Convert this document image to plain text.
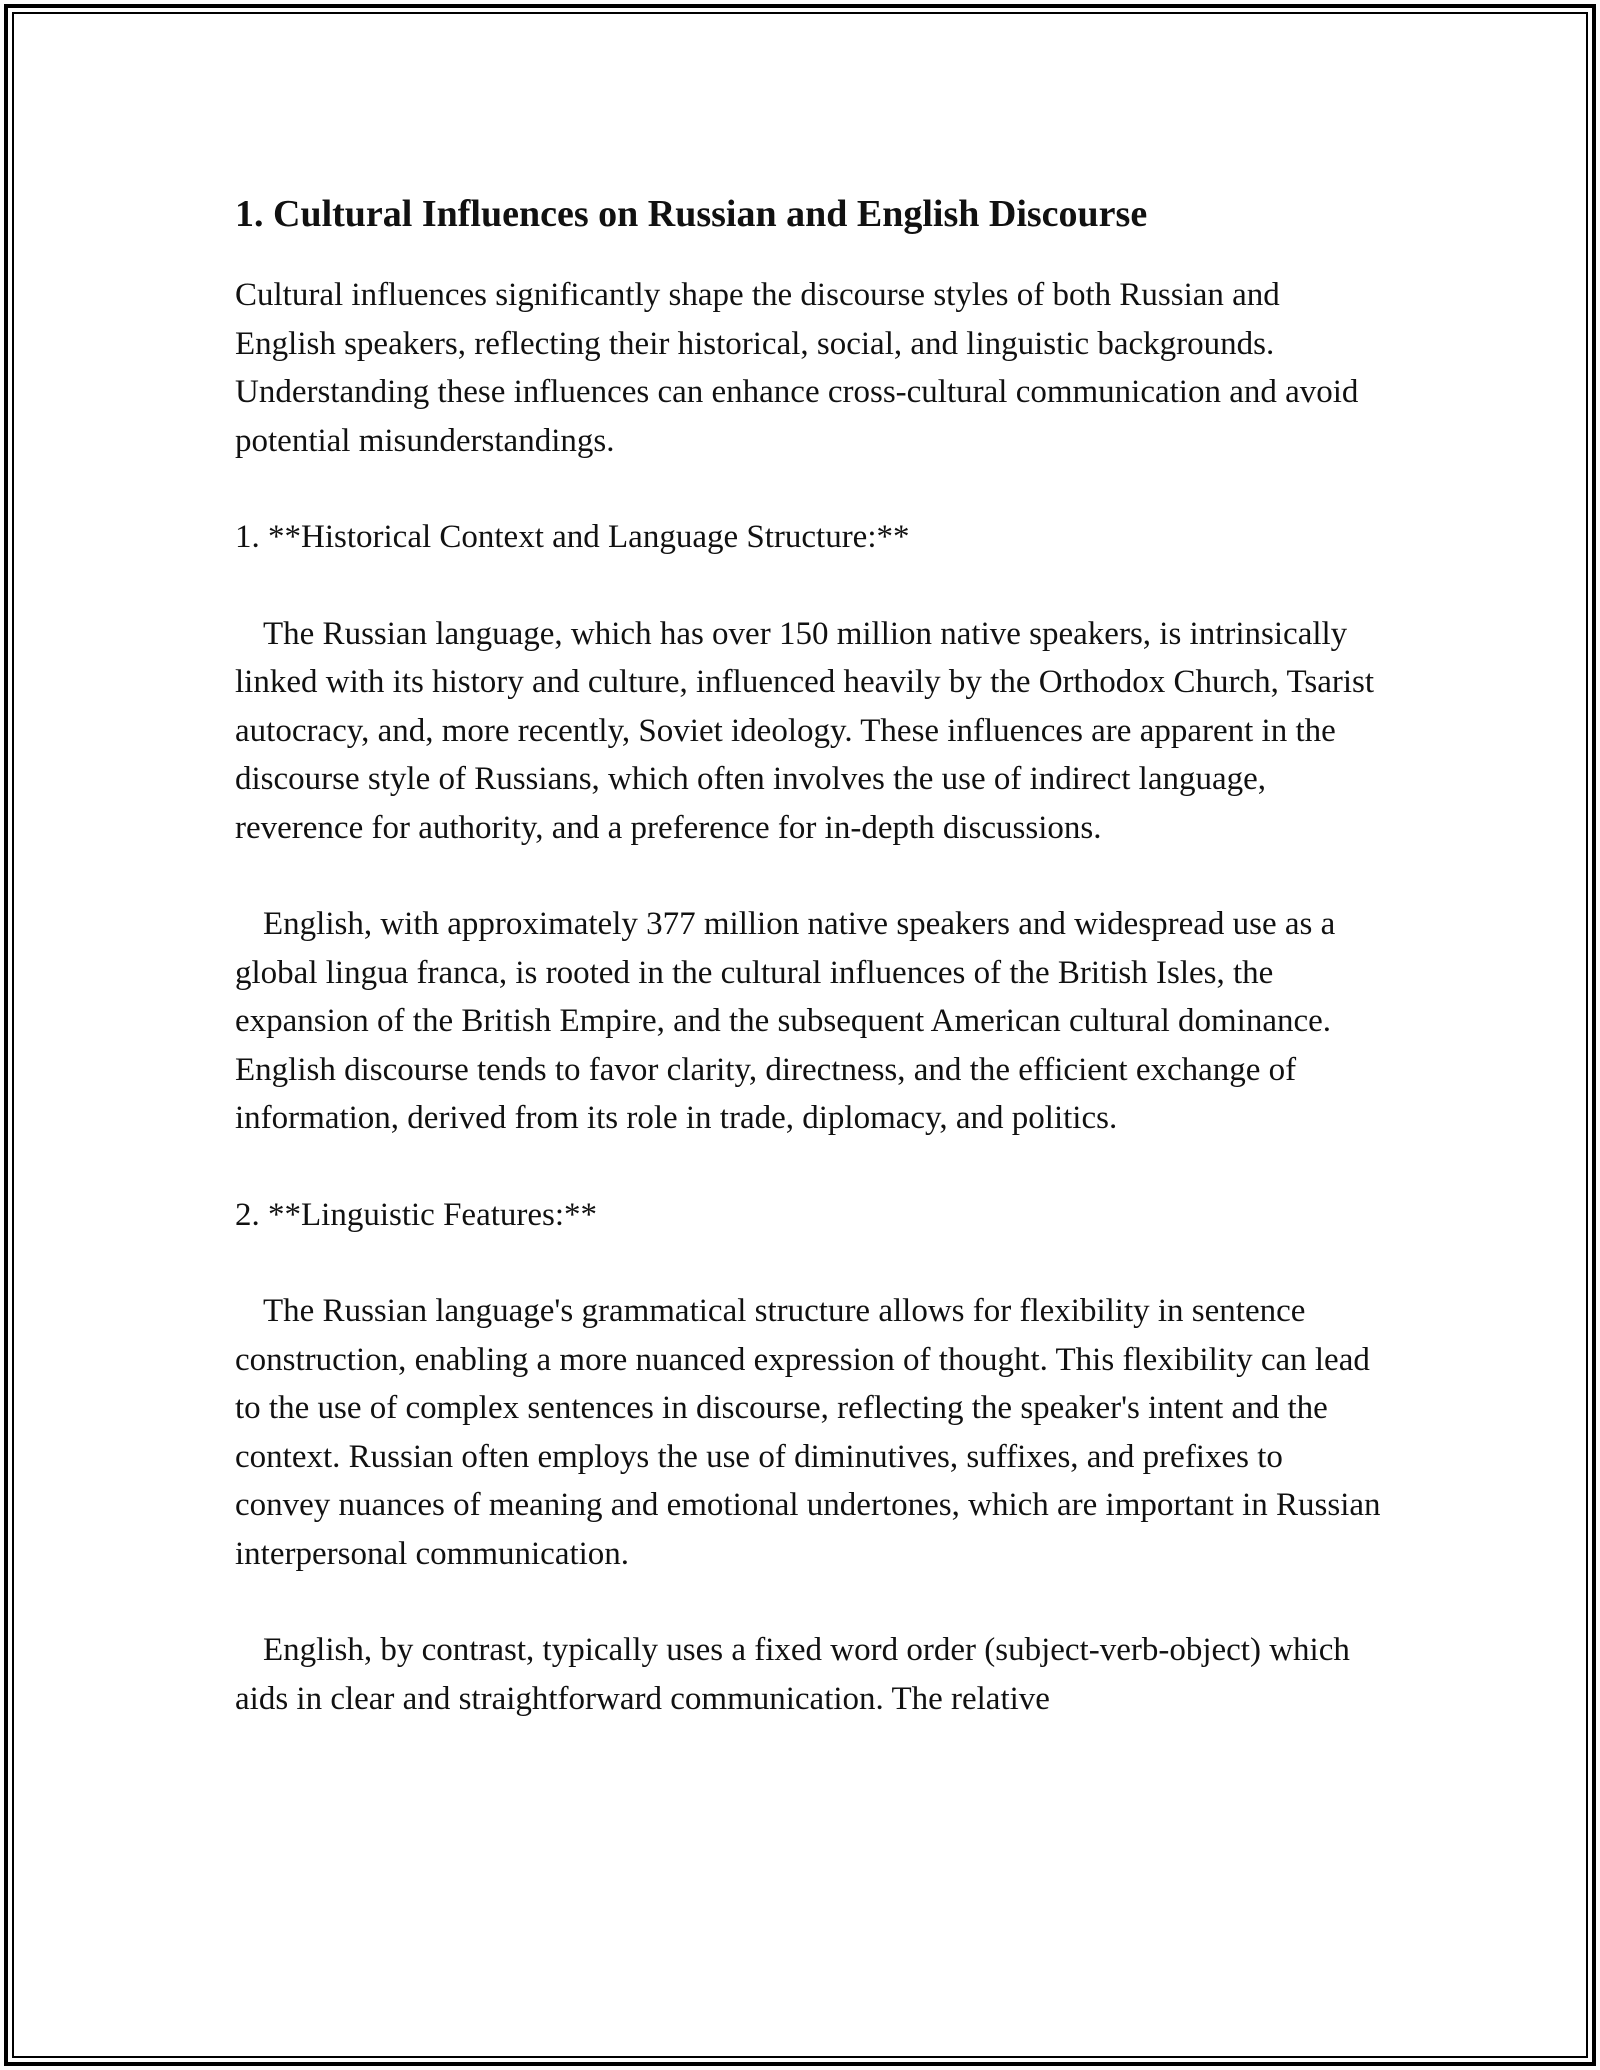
1. Cultural Influences on Russian and English Discourse

Cultural influences significantly shape the discourse styles of both Russian and English speakers, reflecting their historical, social, and linguistic backgrounds. Understanding these influences can enhance cross-cultural communication and avoid potential misunderstandings.

1. **Historical Context and Language Structure:**

The Russian language, which has over 150 million native speakers, is intrinsically linked with its history and culture, influenced heavily by the Orthodox Church, Tsarist autocracy, and, more recently, Soviet ideology. These influences are apparent in the discourse style of Russians, which often involves the use of indirect language, reverence for authority, and a preference for in-depth discussions.

English, with approximately 377 million native speakers and widespread use as a global lingua franca, is rooted in the cultural influences of the British Isles, the expansion of the British Empire, and the subsequent American cultural dominance. English discourse tends to favor clarity, directness, and the efficient exchange of information, derived from its role in trade, diplomacy, and politics.

2. **Linguistic Features:**

The Russian language's grammatical structure allows for flexibility in sentence construction, enabling a more nuanced expression of thought. This flexibility can lead to the use of complex sentences in discourse, reflecting the speaker's intent and the context. Russian often employs the use of diminutives, suffixes, and prefixes to convey nuances of meaning and emotional undertones, which are important in Russian interpersonal communication.

English, by contrast, typically uses a fixed word order (subject-verb-object) which aids in clear and straightforward communication. The relative
